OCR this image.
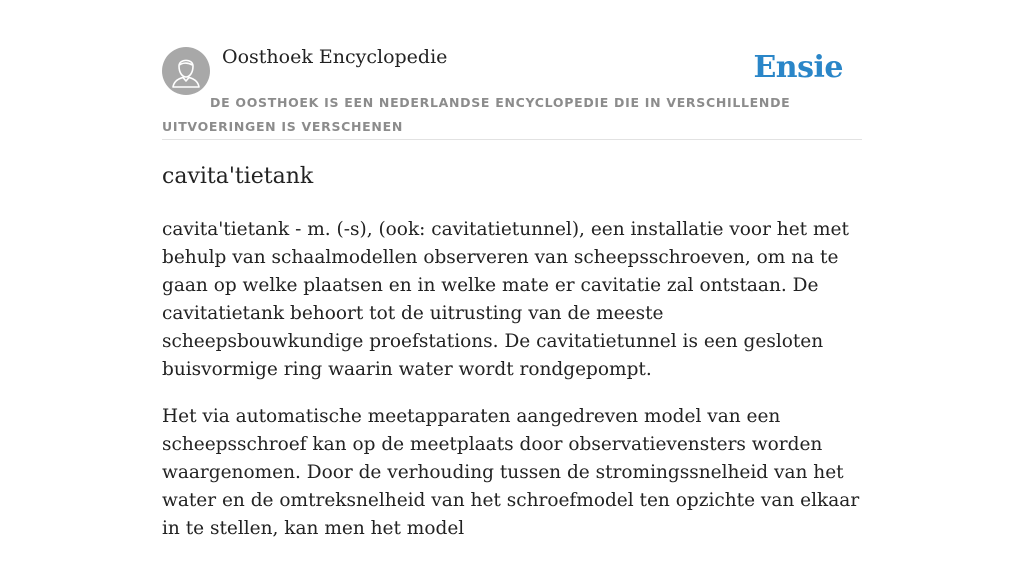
Oosthoek Encyclopedie	Ensie
DE OOSTHOEK IS EEN NEDERLANDSE ENCYCLOPEDIE DIE IN VERSCHILLENDE UITVOERINGEN IS VERSCHENEN
cavita'tietank

cavita'tietank - m. (-s), (ook: cavitatietunnel), een installatie voor het met behulp van schaalmodellen observeren van scheepsschroeven, om na te gaan op welke plaatsen en in welke mate er cavitatie zal ontstaan. De cavitatietank behoort tot de uitrusting van de meeste scheepsbouwkundige proefstations. De cavitatietunnel is een gesloten buisvormige ring waarin water wordt rondgepompt.

Het via automatische meetapparaten aangedreven model van een scheepsschroef kan op de meetplaats door observatievensters worden waargenomen. Door de verhouding tussen de stromingssnelheid van het water en de omtreksnelheid van het schroefmodel ten opzichte van elkaar in te stellen, kan men het model
